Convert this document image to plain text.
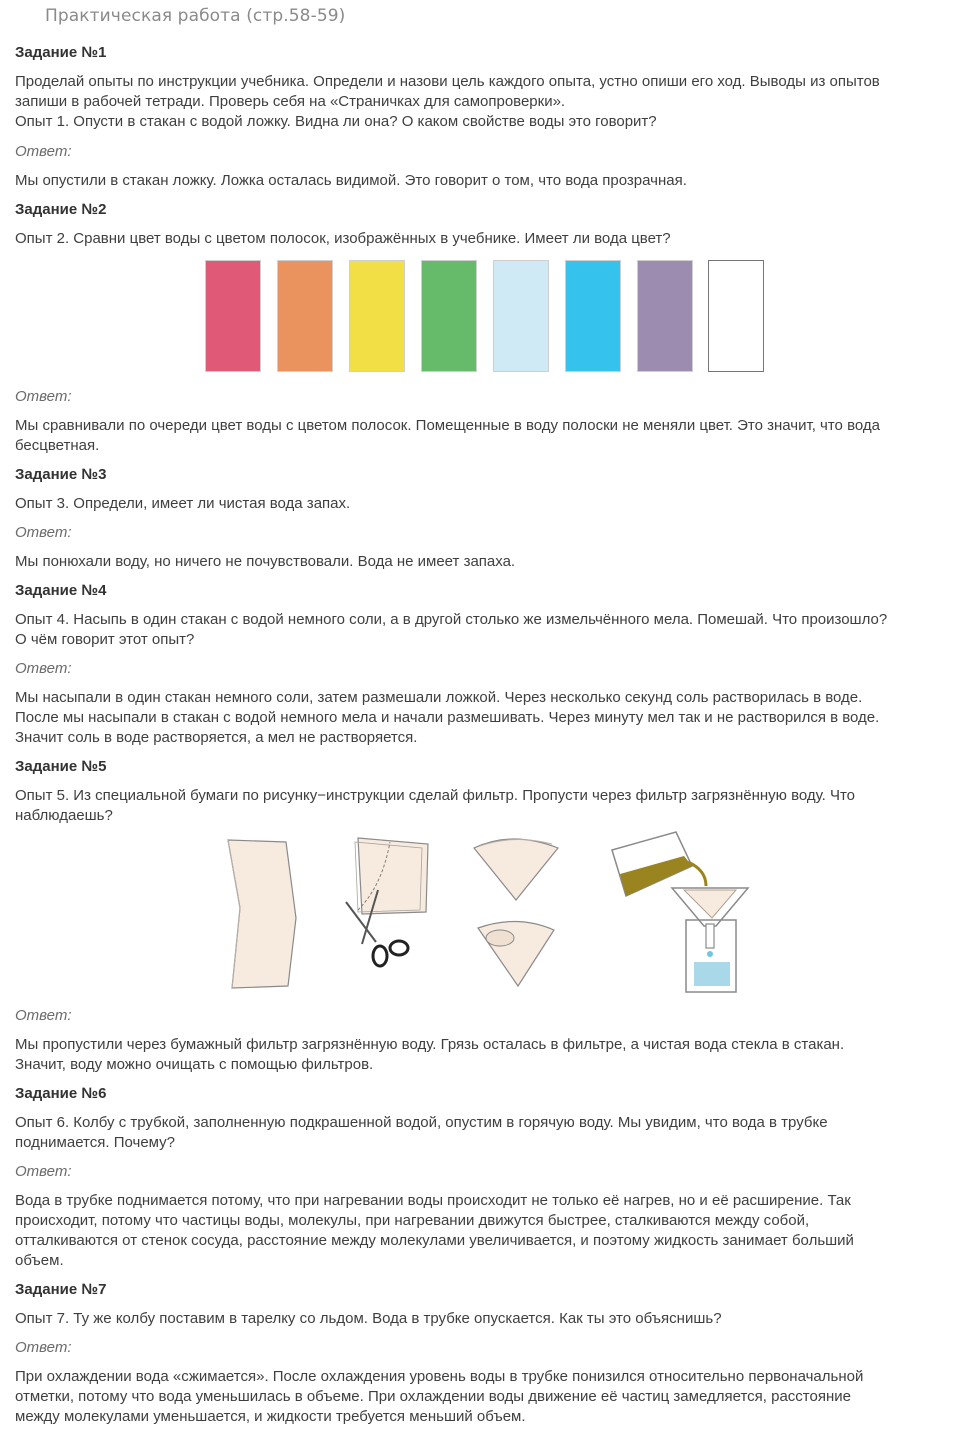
Практическая работа (стр.58-59)
Задание №1
Проделай опыты по инструкции учебника. Определи и назови цель каждого опыта, устно опиши его ход. Выводы из опытов
запиши в рабочей тетради. Проверь себя на «Страничках для самопроверки».
Опыт 1. Опусти в стакан с водой ложку. Видна ли она? О каком свойстве воды это говорит?
Ответ:
Мы опустили в стакан ложку. Ложка осталась видимой. Это говорит о том, что вода прозрачная.
Задание №2
Опыт 2. Сравни цвет воды с цветом полосок, изображённых в учебнике. Имеет ли вода цвет?
Ответ:
Мы сравнивали по очереди цвет воды с цветом полосок. Помещенные в воду полоски не меняли цвет. Это значит, что вода
бесцветная.
Задание №3
Опыт 3. Определи, имеет ли чистая вода запах.
Ответ:
Мы понюхали воду, но ничего не почувствовали. Вода не имеет запаха.
Задание №4
Опыт 4. Насыпь в один стакан с водой немного соли, а в другой столько же измельчённого мела. Помешай. Что произошло?
О чём говорит этот опыт?
Ответ:
Мы насыпали в один стакан немного соли, затем размешали ложкой. Через несколько секунд соль растворилась в воде.
После мы насыпали в стакан с водой немного мела и начали размешивать. Через минуту мел так и не растворился в воде.
Значит соль в воде растворяется, а мел не растворяется.
Задание №5
Опыт 5. Из специальной бумаги по рисунку−инструкции сделай фильтр. Пропусти через фильтр загрязнённую воду. Что
наблюдаешь?
Ответ:
Мы пропустили через бумажный фильтр загрязнённую воду. Грязь осталась в фильтре, а чистая вода стекла в стакан.
Значит, воду можно очищать с помощью фильтров.
Задание №6
Опыт 6. Колбу с трубкой, заполненную подкрашенной водой, опустим в горячую воду. Мы увидим, что вода в трубке
поднимается. Почему?
Ответ:
Вода в трубке поднимается потому, что при нагревании воды происходит не только её нагрев, но и её расширение. Так
происходит, потому что частицы воды, молекулы, при нагревании движутся быстрее, сталкиваются между собой,
отталкиваются от стенок сосуда, расстояние между молекулами увеличивается, и поэтому жидкость занимает больший
объем.
Задание №7
Опыт 7. Ту же колбу поставим в тарелку со льдом. Вода в трубке опускается. Как ты это объяснишь?
Ответ:
При охлаждении вода «сжимается». После охлаждения уровень воды в трубке понизился относительно первоначальной
отметки, потому что вода уменьшилась в объеме. При охлаждении воды движение её частиц замедляется, расстояние
между молекулами уменьшается, и жидкости требуется меньший объем.
